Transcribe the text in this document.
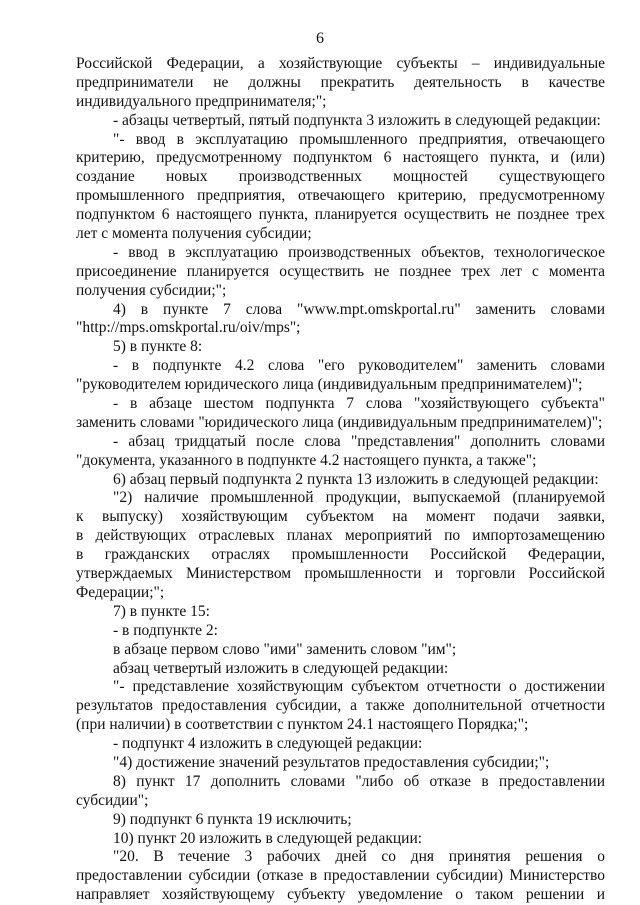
6
Российской Федерации, а хозяйствующие субъекты – индивидуальные
предприниматели не должны прекратить деятельность в качестве
индивидуального предпринимателя;";
- абзацы четвертый, пятый подпункта 3 изложить в следующей редакции:
"- ввод в эксплуатацию промышленного предприятия, отвечающего
критерию, предусмотренному подпунктом 6 настоящего пункта, и (или)
создание новых производственных мощностей существующего
промышленного предприятия, отвечающего критерию, предусмотренному
подпунктом 6 настоящего пункта, планируется осуществить не позднее трех
лет с момента получения субсидии;
- ввод в эксплуатацию производственных объектов, технологическое
присоединение планируется осуществить не позднее трех лет с момента
получения субсидии;";
4) в пункте 7 слова "www.mpt.omskportal.ru" заменить словами
"http://mps.omskportal.ru/oiv/mps";
5) в пункте 8:
- в подпункте 4.2 слова "его руководителем" заменить словами
"руководителем юридического лица (индивидуальным предпринимателем)";
- в абзаце шестом подпункта 7 слова "хозяйствующего субъекта"
заменить словами "юридического лица (индивидуальным предпринимателем)";
- абзац тридцатый после слова "представления" дополнить словами
"документа, указанного в подпункте 4.2 настоящего пункта, а также";
6) абзац первый подпункта 2 пункта 13 изложить в следующей редакции:
"2) наличие промышленной продукции, выпускаемой (планируемой
к выпуску) хозяйствующим субъектом на момент подачи заявки,
в действующих отраслевых планах мероприятий по импортозамещению
в гражданских отраслях промышленности Российской Федерации,
утверждаемых Министерством промышленности и торговли Российской
Федерации;";
7) в пункте 15:
- в подпункте 2:
в абзаце первом слово "ими" заменить словом "им";
абзац четвертый изложить в следующей редакции:
"- представление хозяйствующим субъектом отчетности о достижении
результатов предоставления субсидии, а также дополнительной отчетности
(при наличии) в соответствии с пунктом 24.1 настоящего Порядка;";
- подпункт 4 изложить в следующей редакции:
"4) достижение значений результатов предоставления субсидии;";
8) пункт 17 дополнить словами "либо об отказе в предоставлении
субсидии";
9) подпункт 6 пункта 19 исключить;
10) пункт 20 изложить в следующей редакции:
"20. В течение 3 рабочих дней со дня принятия решения о
предоставлении субсидии (отказе в предоставлении субсидии) Министерство
направляет хозяйствующему субъекту уведомление о таком решении и
